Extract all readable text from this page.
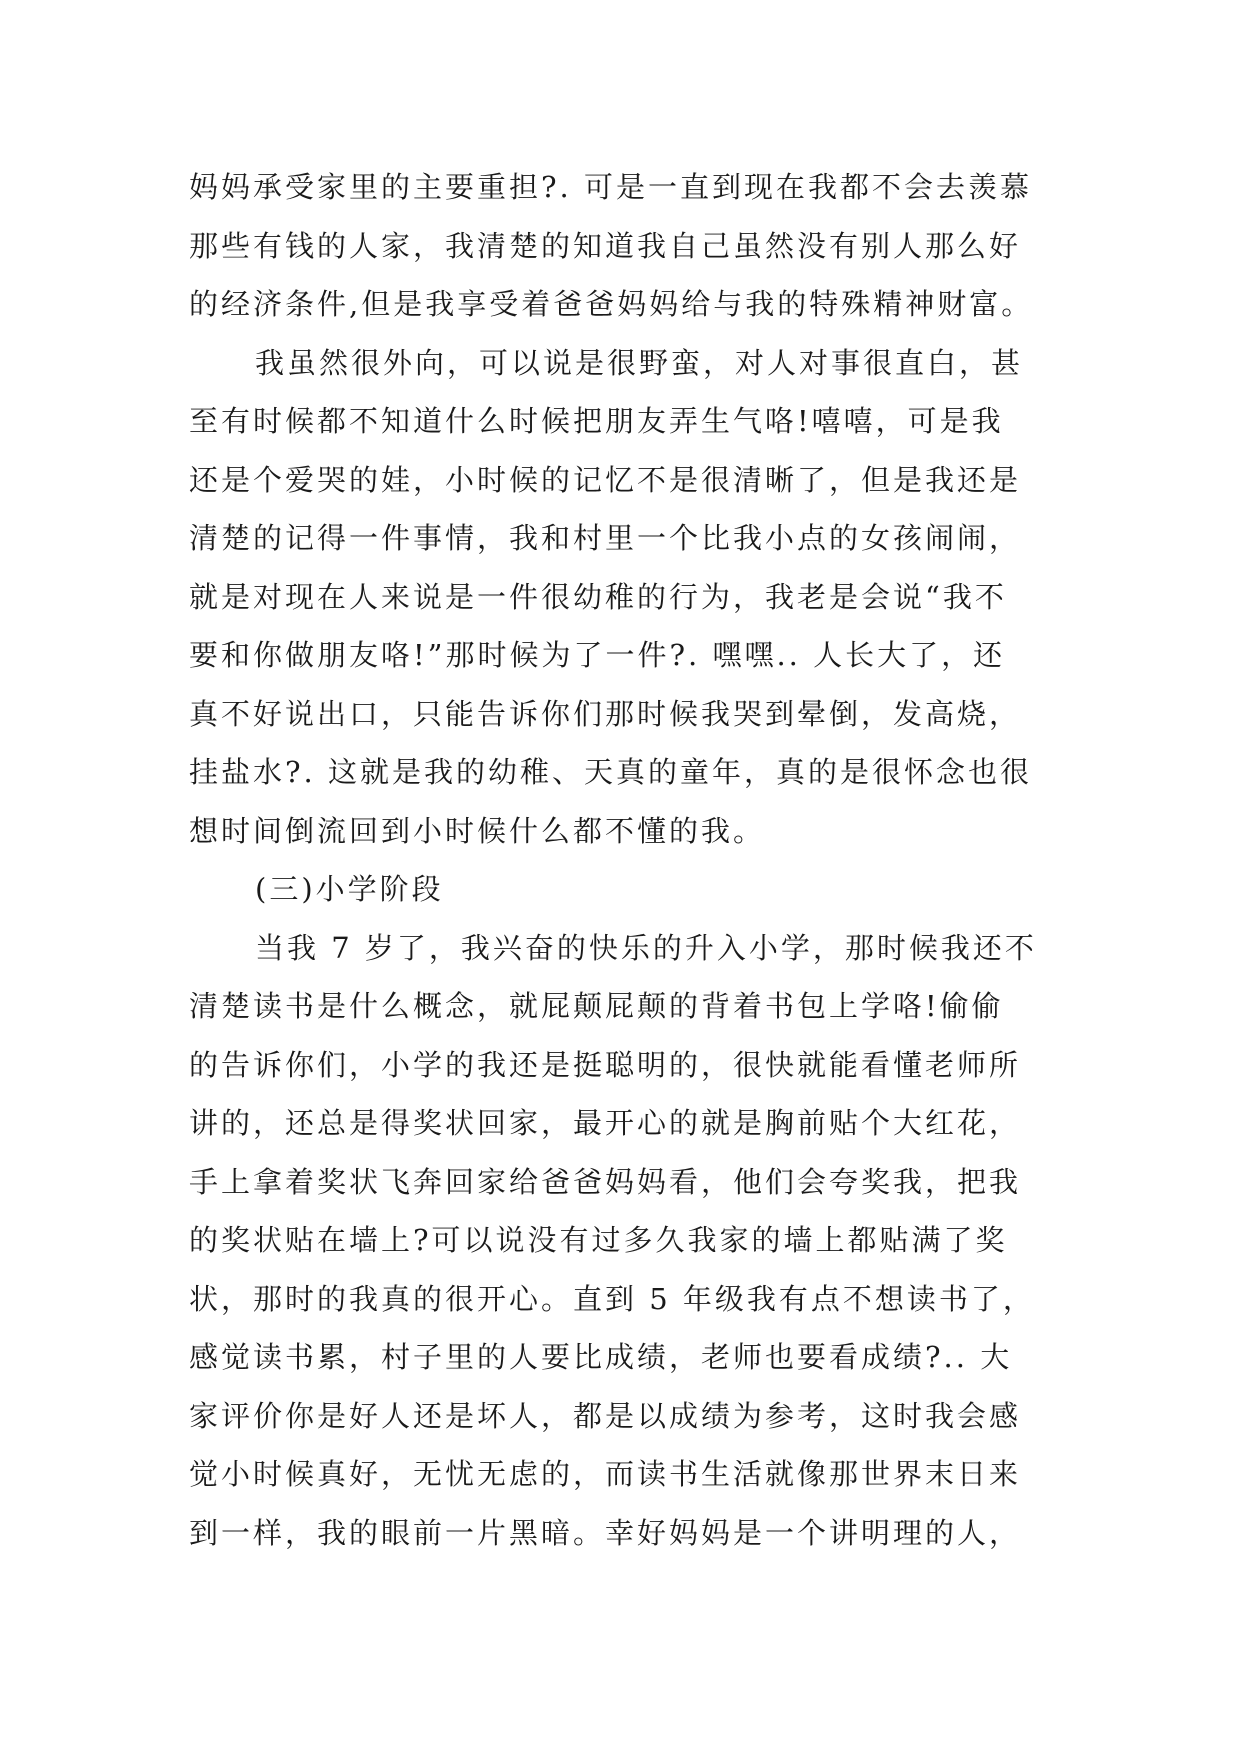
妈妈承受家里的主要重担?. 可是一直到现在我都不会去羡慕
那些有钱的人家，我清楚的知道我自己虽然没有别人那么好
的经济条件,但是我享受着爸爸妈妈给与我的特殊精神财富。
我虽然很外向，可以说是很野蛮，对人对事很直白，甚
至有时候都不知道什么时候把朋友弄生气咯!嘻嘻，可是我
还是个爱哭的娃，小时候的记忆不是很清晰了，但是我还是
清楚的记得一件事情，我和村里一个比我小点的女孩闹闹，
就是对现在人来说是一件很幼稚的行为，我老是会说“我不
要和你做朋友咯!”那时候为了一件?. 嘿嘿.. 人长大了，还
真不好说出口，只能告诉你们那时候我哭到晕倒，发高烧，
挂盐水?. 这就是我的幼稚、天真的童年，真的是很怀念也很
想时间倒流回到小时候什么都不懂的我。
(三)小学阶段
当我 7 岁了，我兴奋的快乐的升入小学，那时候我还不
清楚读书是什么概念，就屁颠屁颠的背着书包上学咯!偷偷
的告诉你们，小学的我还是挺聪明的，很快就能看懂老师所
讲的，还总是得奖状回家，最开心的就是胸前贴个大红花，
手上拿着奖状飞奔回家给爸爸妈妈看，他们会夸奖我，把我
的奖状贴在墙上?可以说没有过多久我家的墙上都贴满了奖
状，那时的我真的很开心。直到 5 年级我有点不想读书了，
感觉读书累，村子里的人要比成绩，老师也要看成绩?.. 大
家评价你是好人还是坏人，都是以成绩为参考，这时我会感
觉小时候真好，无忧无虑的，而读书生活就像那世界末日来
到一样，我的眼前一片黑暗。幸好妈妈是一个讲明理的人，
